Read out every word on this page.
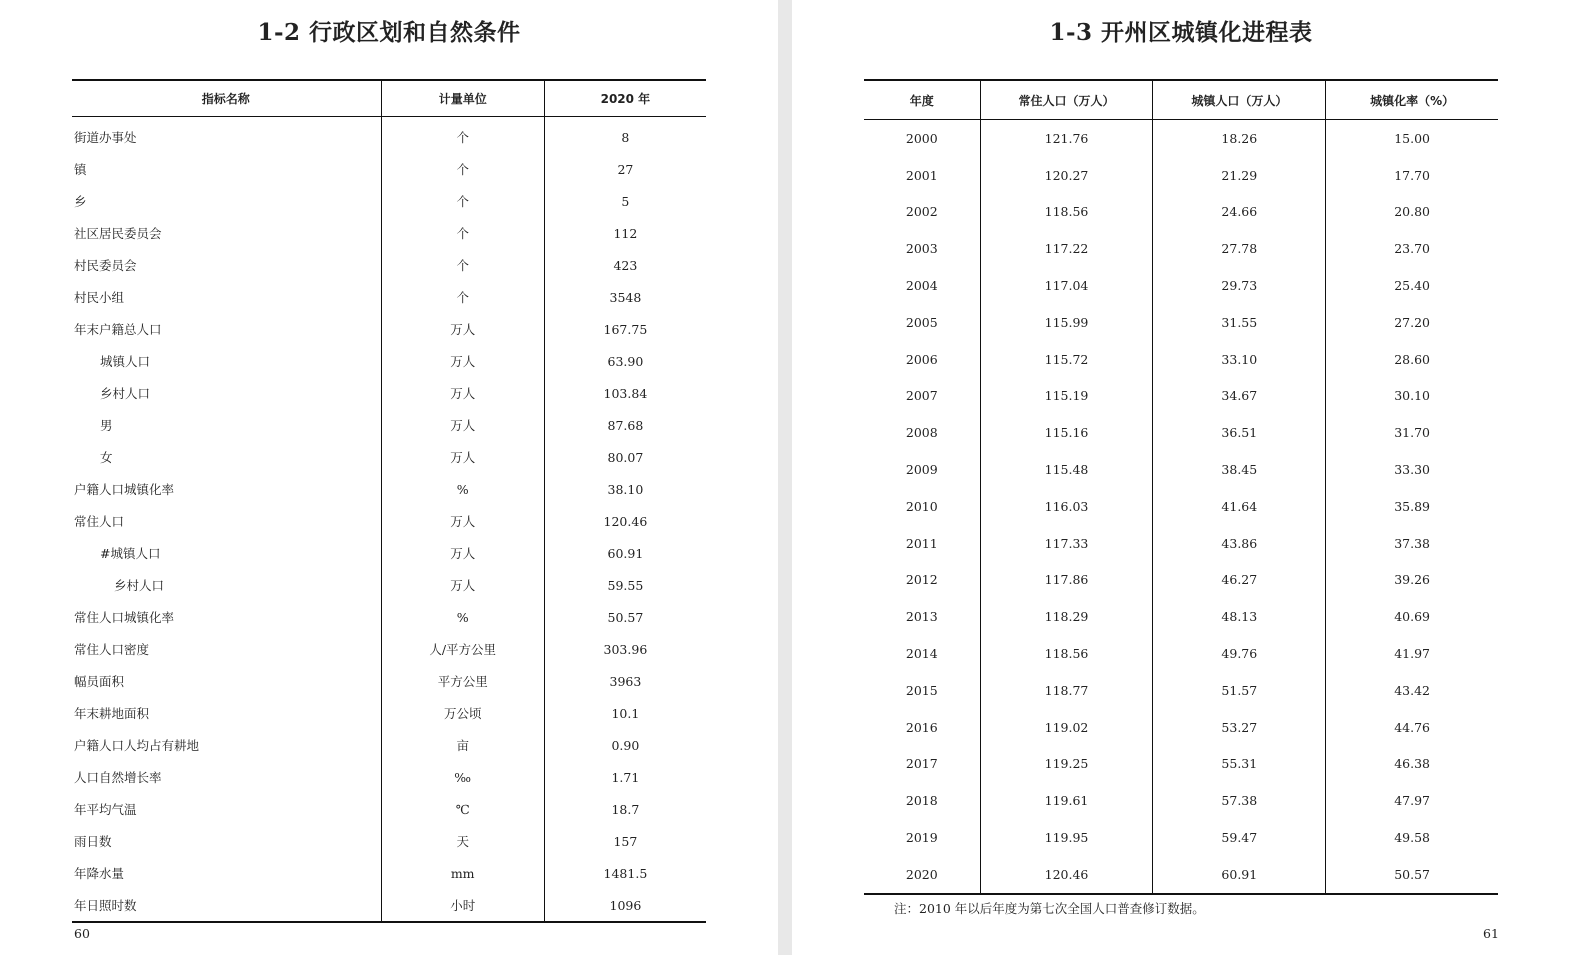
1-2 行政区划和自然条件
指标名称	计量单位	2020 年
街道办事处	个	8
镇	个	27
乡	个	5
社区居民委员会	个	112
村民委员会	个	423
村民小组	个	3548
年末户籍总人口	万人	167.75
城镇人口	万人	63.90
乡村人口	万人	103.84
男	万人	87.68
女	万人	80.07
户籍人口城镇化率	%	38.10
常住人口	万人	120.46
#城镇人口	万人	60.91
乡村人口	万人	59.55
常住人口城镇化率	%	50.57
常住人口密度	人/平方公里	303.96
幅员面积	平方公里	3963
年末耕地面积	万公顷	10.1
户籍人口人均占有耕地	亩	0.90
人口自然增长率	‰	1.71
年平均气温	℃	18.7
雨日数	天	157
年降水量	mm	1481.5
年日照时数	小时	1096
60
1-3 开州区城镇化进程表
年度	常住人口（万人）	城镇人口（万人）	城镇化率（%）
2000	121.76	18.26	15.00
2001	120.27	21.29	17.70
2002	118.56	24.66	20.80
2003	117.22	27.78	23.70
2004	117.04	29.73	25.40
2005	115.99	31.55	27.20
2006	115.72	33.10	28.60
2007	115.19	34.67	30.10
2008	115.16	36.51	31.70
2009	115.48	38.45	33.30
2010	116.03	41.64	35.89
2011	117.33	43.86	37.38
2012	117.86	46.27	39.26
2013	118.29	48.13	40.69
2014	118.56	49.76	41.97
2015	118.77	51.57	43.42
2016	119.02	53.27	44.76
2017	119.25	55.31	46.38
2018	119.61	57.38	47.97
2019	119.95	59.47	49.58
2020	120.46	60.91	50.57
注：2010 年以后年度为第七次全国人口普查修订数据。
61
